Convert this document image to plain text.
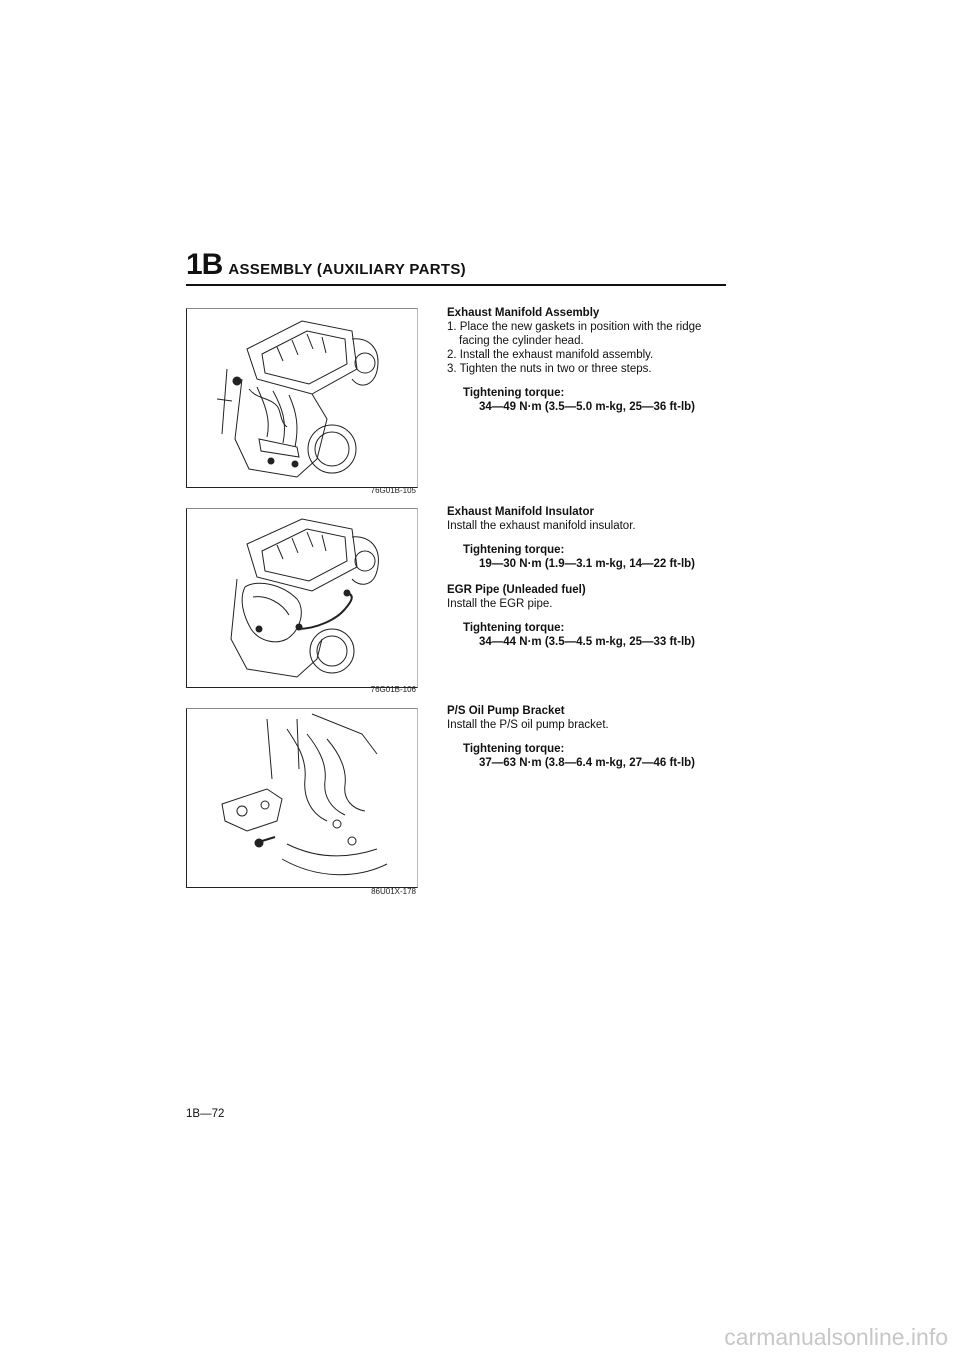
1B ASSEMBLY (AUXILIARY PARTS)
76G01B-105
76G01B-106
86U01X-178
Exhaust Manifold Assembly
1. Place the new gaskets in position with the ridge
facing the cylinder head.
2. Install the exhaust manifold assembly.
3. Tighten the nuts in two or three steps.
Tightening torque:
34—49 N·m (3.5—5.0 m-kg, 25—36 ft-lb)
Exhaust Manifold Insulator
Install the exhaust manifold insulator.
Tightening torque:
19—30 N·m (1.9—3.1 m-kg, 14—22 ft-lb)
EGR Pipe (Unleaded fuel)
Install the EGR pipe.
Tightening torque:
34—44 N·m (3.5—4.5 m-kg, 25—33 ft-lb)
P/S Oil Pump Bracket
Install the P/S oil pump bracket.
Tightening torque:
37—63 N·m (3.8—6.4 m-kg, 27—46 ft-lb)
1B—72
carmanualsonline.info
